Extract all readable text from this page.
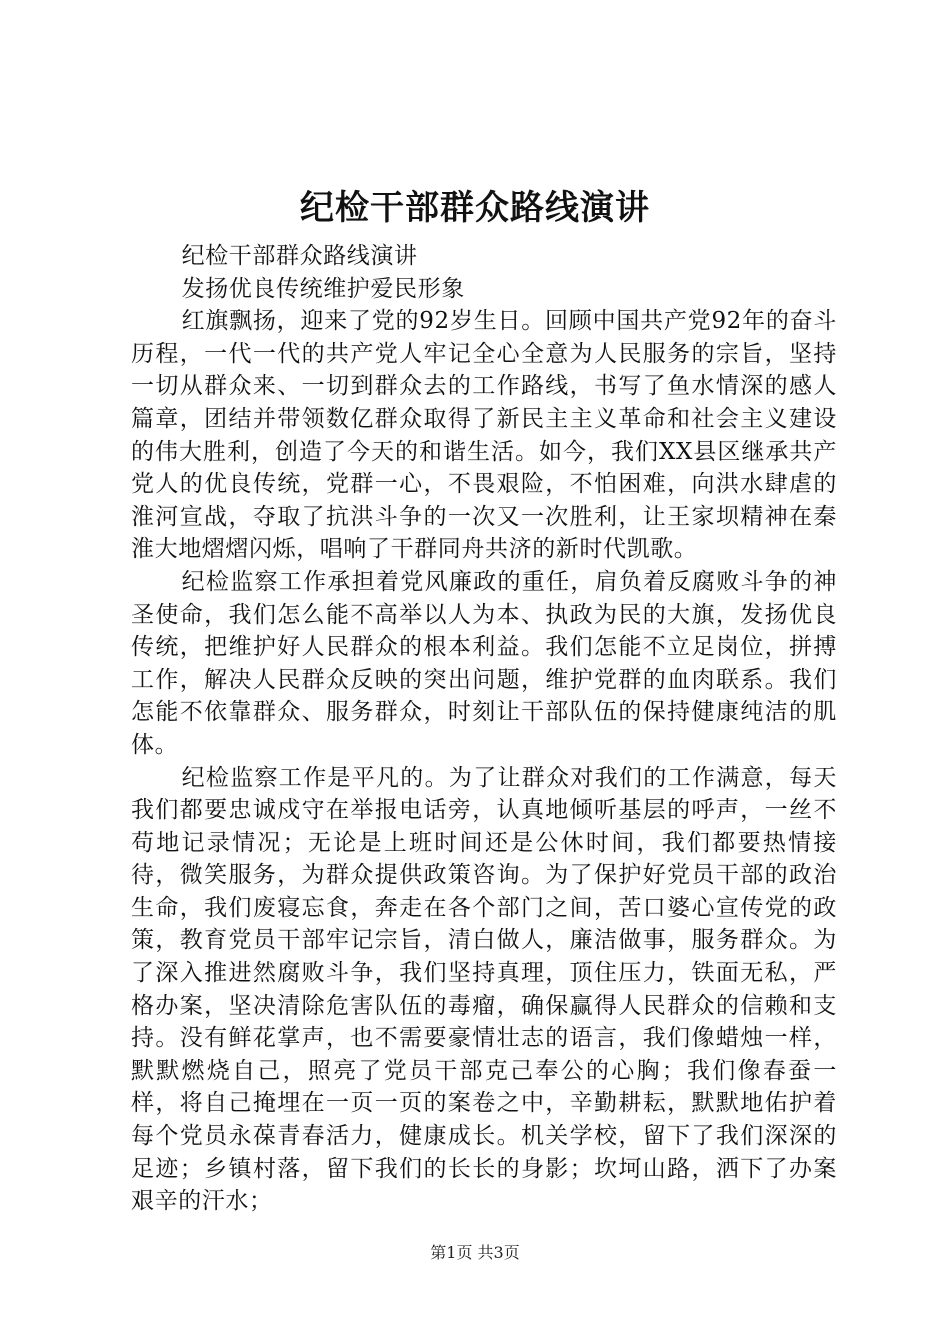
纪检干部群众路线演讲

纪检干部群众路线演讲

发扬优良传统维护爱民形象

红旗飘扬，迎来了党的92岁生日。回顾中国共产党92年的奋斗历程，一代一代的共产党人牢记全心全意为人民服务的宗旨，坚持一切从群众来、一切到群众去的工作路线，书写了鱼水情深的感人篇章，团结并带领数亿群众取得了新民主主义革命和社会主义建设的伟大胜利，创造了今天的和谐生活。如今，我们XX县区继承共产党人的优良传统，党群一心，不畏艰险，不怕困难，向洪水肆虐的淮河宣战，夺取了抗洪斗争的一次又一次胜利，让王家坝精神在秦淮大地熠熠闪烁，唱响了干群同舟共济的新时代凯歌。

纪检监察工作承担着党风廉政的重任，肩负着反腐败斗争的神圣使命，我们怎么能不高举以人为本、执政为民的大旗，发扬优良传统，把维护好人民群众的根本利益。我们怎能不立足岗位，拼搏工作，解决人民群众反映的突出问题，维护党群的血肉联系。我们怎能不依靠群众、服务群众，时刻让干部队伍的保持健康纯洁的肌体。

纪检监察工作是平凡的。为了让群众对我们的工作满意，每天我们都要忠诚戍守在举报电话旁，认真地倾听基层的呼声，一丝不苟地记录情况；无论是上班时间还是公休时间，我们都要热情接待，微笑服务，为群众提供政策咨询。为了保护好党员干部的政治生命，我们废寝忘食，奔走在各个部门之间，苦口婆心宣传党的政策，教育党员干部牢记宗旨，清白做人，廉洁做事，服务群众。为了深入推进然腐败斗争，我们坚持真理，顶住压力，铁面无私，严格办案，坚决清除危害队伍的毒瘤，确保赢得人民群众的信赖和支持。没有鲜花掌声，也不需要豪情壮志的语言，我们像蜡烛一样，默默燃烧自己，照亮了党员干部克己奉公的心胸；我们像春蚕一样，将自己掩埋在一页一页的案卷之中，辛勤耕耘，默默地佑护着每个党员永葆青春活力，健康成长。机关学校，留下了我们深深的足迹；乡镇村落，留下我们的长长的身影；坎坷山路，洒下了办案艰辛的汗水；

第1页 共3页
